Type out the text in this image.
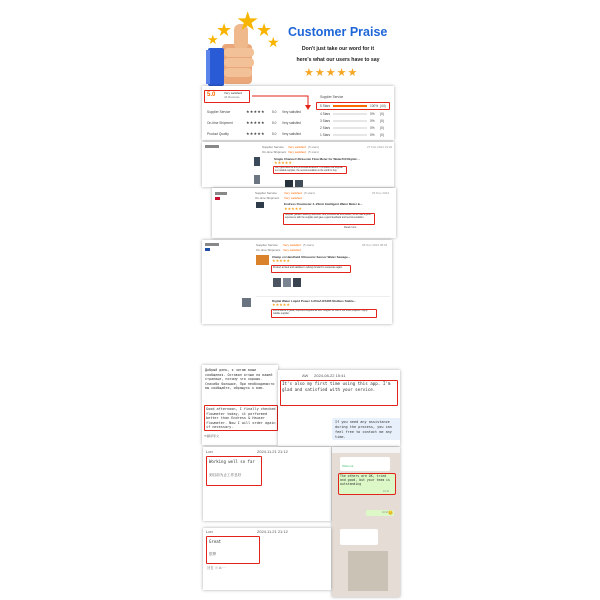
★
★ ★
★	★
Customer Praise
Don't just take our word for it
here's what our users have to say
★★★★★
5.0	Very satisfied
44 Reviews
Supplier Service	★★★★★ 5.0 Very satisfied
On-time Shipment	★★★★★ 5.0 Very satisfied
Product Quality	★★★★★ 5.0 Very satisfied
Supplier Service
5 Stars	100% (44)
4 Stars	0% (0)
3 Stars	0% (0)
2 Stars	0% (0)
1 Stars	0% (0)
Supplier Service Very satisfied (5 stars)	27 Feb 2024 19:26
On-time Shipment Very satisfied (5 stars)
Single Channel Ultrasonic Flow Meter for Water/Oil Digital ...
★★★★★
Very good service and professional advice. It is stated that supplier is a reliable supplier, the recommendation is the worth to buy.
Supplier Service Very satisfied (5 stars)	25 Dec 2023
On-time Shipment Very satisfied
Endress Flowmeter 4~20mA Intelligent Water Meter &...
★★★★★
Supplier guided installing flowmeter, and professional technicians, so we had a good experience with the supplier and gave a good feedback and recommendation.
Read more
Supplier Service Very satisfied (5 stars)	08 Nov 2023 08:54
On-time Shipment Very satisfied
Clamp on Handheld Ultrasonic Sensor Water Sewage...
★★★★★
Product arrived and satisfied. Looking forward to cooperate again.
Digital Water Liquid Power 4-20mA RS485 Modbus Stable...
★★★★★
Performance is great, shipment supplied as well. Support for use of our other projects. Highly reliable supplier.
Добрый день, я читаю ваши сообщения. Оставил отзыв на вашей странице, потому что хорошо. Спасибо большое. При необходимости вы сообщайте, обращусь к вам.
Good afternoon, I finally checked flowmeter today, it performed better than Endress & Hauser flowmeter. Now I will order again if necessary.
翻译原文
⟲
AW 2024-08-22 15:41
It's also my first time using this app. I'm glad and satisfied with your service.
If you need any assistance during the process, you can feel free to contact me any time.
Lon	2024.11.21 21:12
Working well so far
到目前为止工作良好
Others ok
The others are OK, tried and good, but your team is outstanding
10:12
10:13 🙂
Lon	2024.11.21 21:12
Great
很棒
回复 ⊕ ⧉ ···
